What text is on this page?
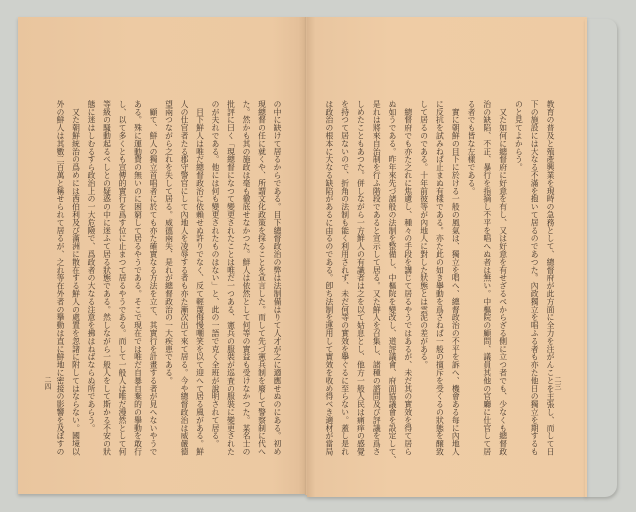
の中に缺けて居るからである。目下總督政治の弊は法制備はりて人才が之に適應せぬのにある。初め
現總督の任に就くや、所謂文化政策を採ることを宣言した。而して先づ憲兵制を廢して警察制に代へ
た。然かも其の施政は毫も徹底せなかつた。鮮人は依然として何等の實益も受けなかつた。某名士の
批評に曰く「現總督になつて變更されたことは唯だ一つある、憲兵の服裝が巡査の服裝に變更された
のが夫れである。他には何も變更されたものはない」と、此の一語で克く全班が說明されて居る。
　目下鮮人は唯だ總督政治に依賴せぬ許りでなく、反て輕蔑侮慢嘲笑を以て迎へて居る風がある。鮮
人の仕官者たる郡守警官にして內地人を凌辱する者も亦た漸次出て來て居る。今や總督政治は威嚴德
望兩つながら之れを失して居る。威德兩失、是れが總督政治の一大疾患である。
　顧て、鮮人の獨立首唱者に於ても亦た確實なる方法を立て、其實行を計畫する者が見へないやうで
ある。殊に運動費の無いのに困窮して居るやうである。そこで現在では唯だ自暴自棄的の擧動を敢行
し、以て多くとも宣傳的實行を爲す位に止まつて居るやうである。而して一般人は唯だ漫然として何
等級の騷動起るべしとの疑惑の中に迷ふて居る狀態である。然しながら一般人をして斯かる不安の狀
態に迷はしむるすら政治上の一大危險で、爲政者の大なる注意を拂はねばならぬ所であらう。
　又た朝鮮統治の爲めには西伯利及び滿洲に散在する鮮人の處置を忽諸に附してはならない。國境以
外の鮮人は其數二百萬と稱せられて居るが、之れ等在外者の擧動は直に鮮地に密接の影響を及ぼすの
二四	教育の普及と殖產興業を現時の急務として、總督府が此方面に全力を注がんことを主張し、而して日
下の施設には大なる不滿を抱いて居るのであつた。內政獨立を唱ふる者も亦た他日の獨立を期するも
のと見てよからう。
　又た如何に總督府に好意を有し、又は好意を有せざるべからざる側に立つ者でも、少なくも總督政
治の缺陷、不正、暴行を指摘し不平を唱へぬ者は無い。中樞院の顧問、議員其他の官廳に仕官して居
る者でも皆な左樣である。
　實に朝鮮の目下に於ける一般の風氣は、獨立を唱へ、總督政治の不平を訴へ、機會ある每に內地人
に反抗を試みねば止まぬ有樣である。亦た此の如き擧動を爲さねば一般の擯斥を受くるの狀態を醸致
して居るのである。十年前彼等が內地人に對した狀態とは雲泥の差がある。
　總督府でも亦た之れに焦慮し、種々の手段を講じて居るやうではあるが、未だ其の實效を得て居ら
ぬ如うである。昨年來先づ諸般の法制を整備し、中樞院を變改し、道評議會、府面協議會を設定して、
是れは將來自治制を行ふ階段であると宣示して居る。又た鮮人を召集し、諸種の諮問及び評議を爲さ
しめたこともあつた。併しながら一方鮮人の有識者は之を以て姑息とし、他方一般人民は痛痒の感覺
を持つて居ないので、折角の法制も能く利用されず、未だ何等の實效を擧ぐるに至らない。蓋し是れ
は政治の根本に大なる缺陷があるに由るのである。卽ち法制を運用して實效を收め得べき適材が當局	二三
